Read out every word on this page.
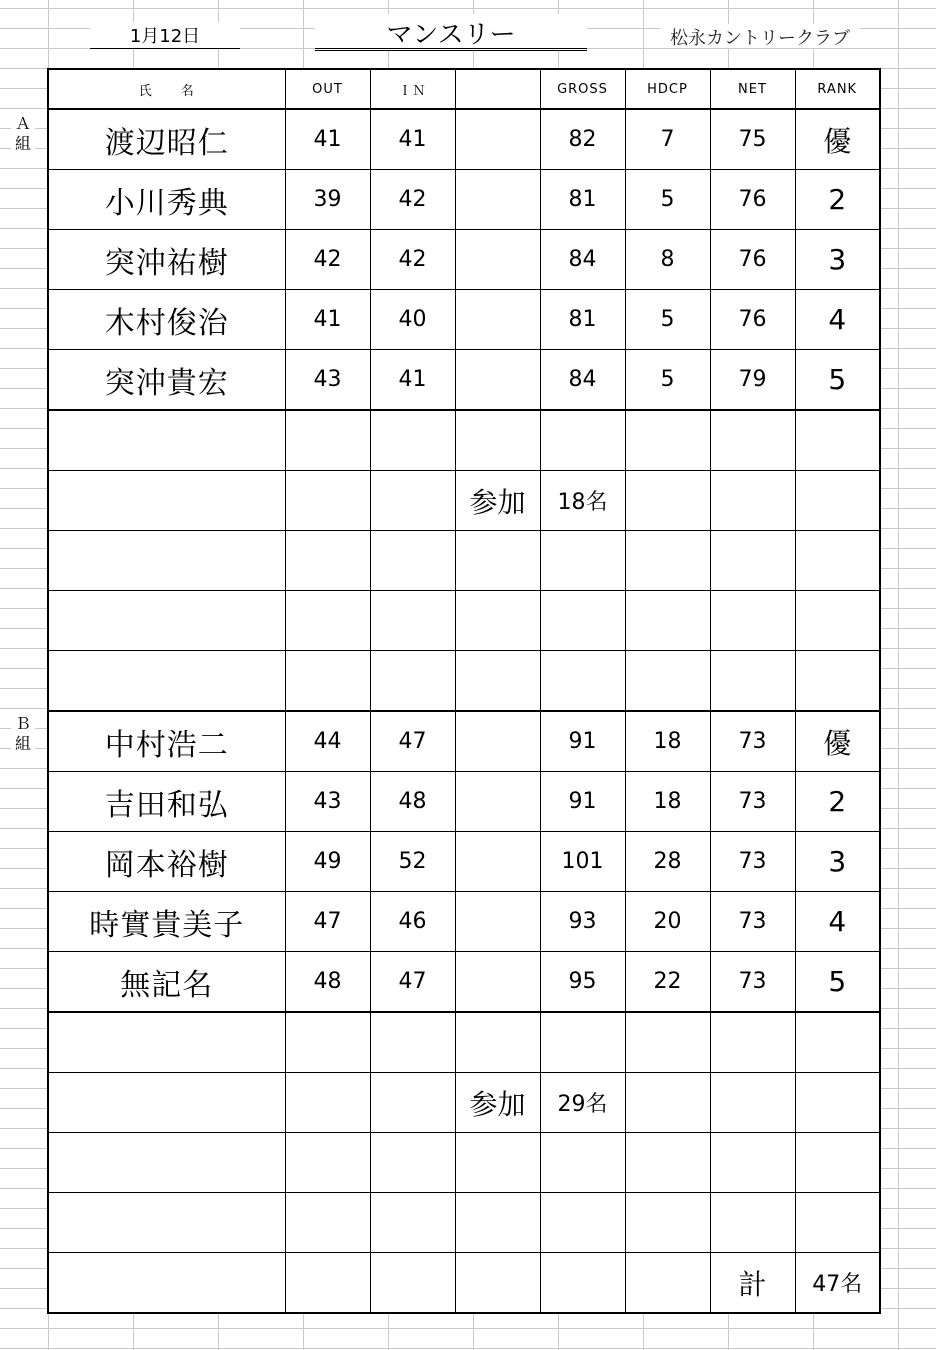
1月12日	マンスリー	松永カントリークラブ
Ａ
組
Ｂ
組
氏　　名	OUT	ＩＮ		GROSS	HDCP	NET	RANK
渡辺昭仁	41	41		82	7	75	優
小川秀典	39	42		81	5	76	2
突沖祐樹	42	42		84	8	76	3
木村俊治	41	40		81	5	76	4
突沖貴宏	43	41		84	5	79	5

			参加	18名			

中村浩二	44	47		91	18	73	優
吉田和弘	43	48		91	18	73	2
岡本裕樹	49	52		101	28	73	3
時實貴美子	47	46		93	20	73	4
無記名	48	47		95	22	73	5

			参加	29名			

						計	47名
